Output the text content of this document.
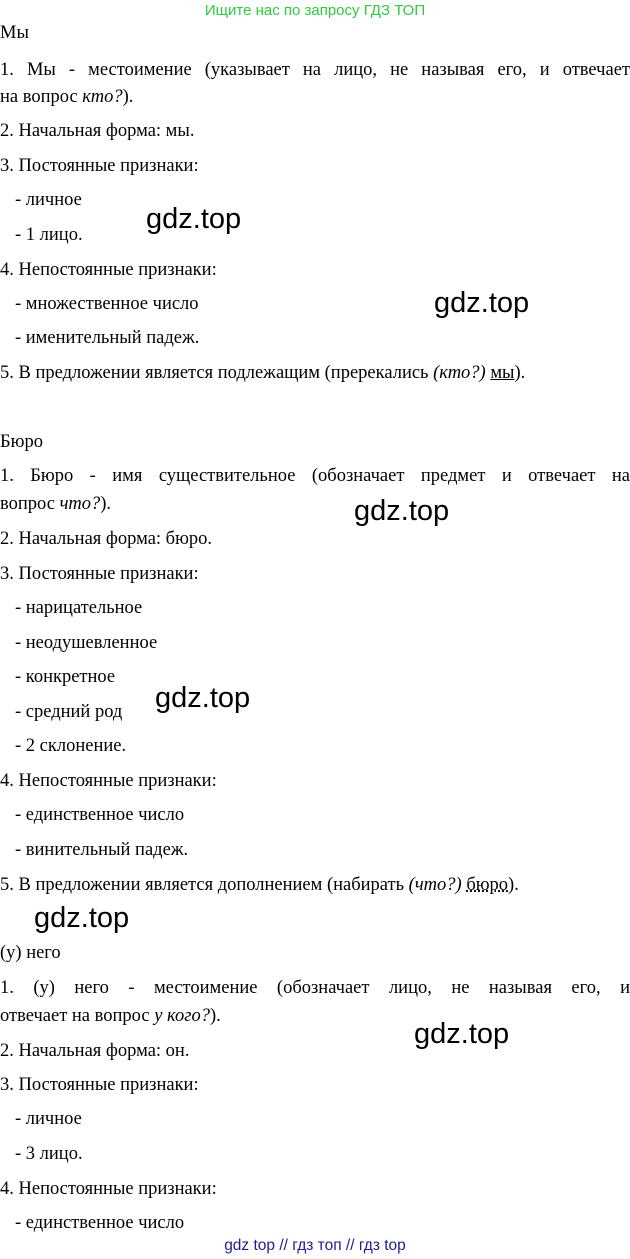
Ищите нас по запросу ГДЗ ТОП
Мы
1. Мы - местоимение (указывает на лицо, не называя его, и отвечает
на вопрос кто?).
2. Начальная форма: мы.
3. Постоянные признаки:
- личное
- 1 лицо.
4. Непостоянные признаки:
- множественное число
- именительный падеж.
5. В предложении является подлежащим (пререкались (кто?) мы).
Бюро
1. Бюро - имя существительное (обозначает предмет и отвечает на
вопрос что?).
2. Начальная форма: бюро.
3. Постоянные признаки:
- нарицательное
- неодушевленное
- конкретное
- средний род
- 2 склонение.
4. Непостоянные признаки:
- единственное число
- винительный падеж.
5. В предложении является дополнением (набирать (что?) бюро).
(у) него
1. (у) него - местоимение (обозначает лицо, не называя его, и
отвечает на вопрос у кого?).
2. Начальная форма: он.
3. Постоянные признаки:
- личное
- 3 лицо.
4. Непостоянные признаки:
- единственное число
gdz.top
gdz.top
gdz.top
gdz.top
gdz.top
gdz.top
gdz top // гдз топ // гдз top
